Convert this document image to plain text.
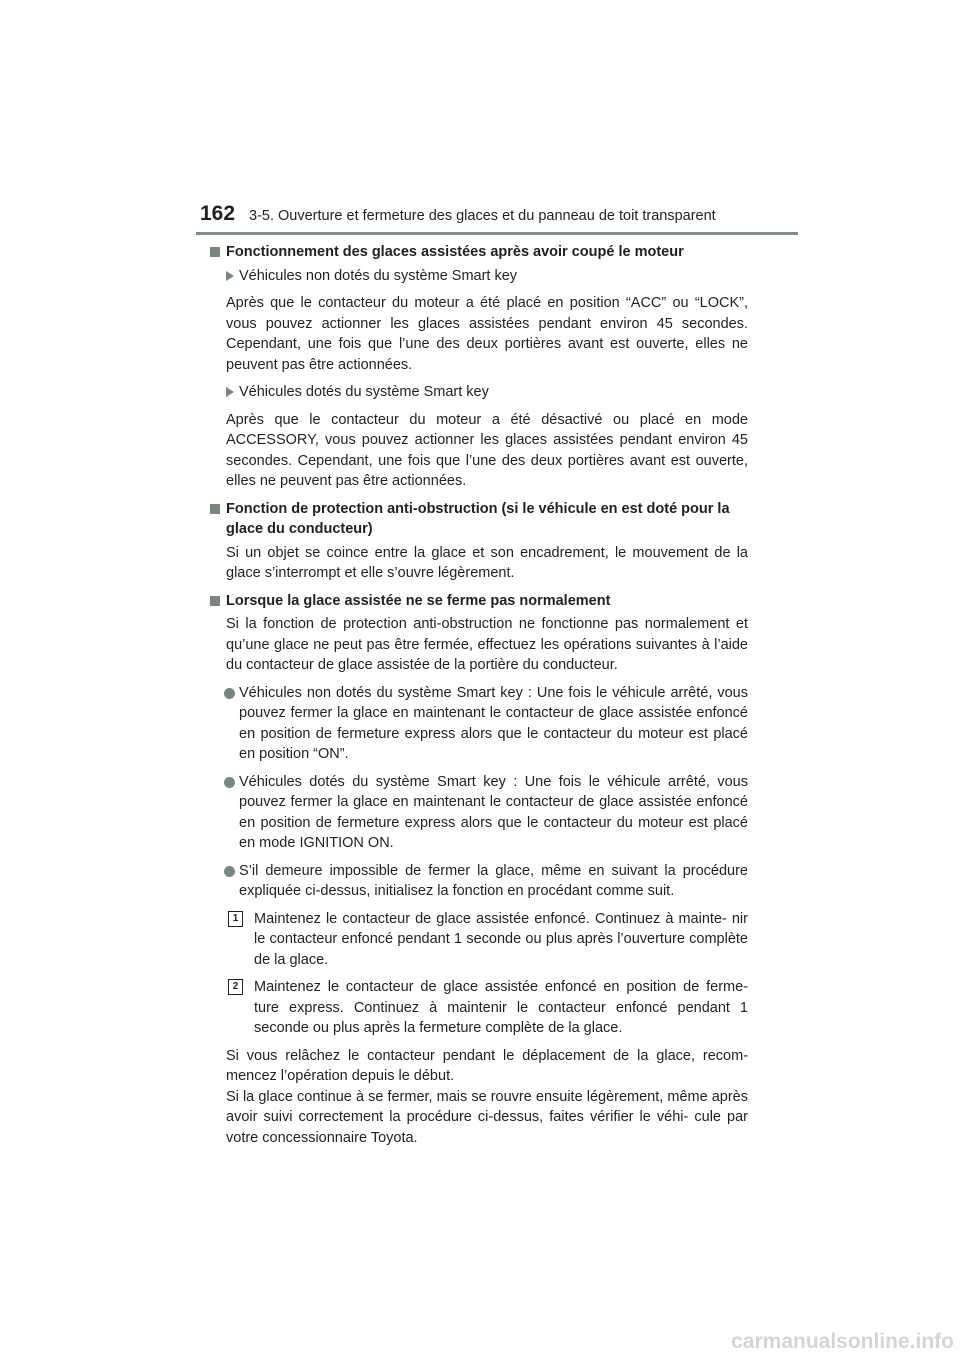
162 3-5. Ouverture et fermeture des glaces et du panneau de toit transparent
Fonctionnement des glaces assistées après avoir coupé le moteur
Véhicules non dotés du système Smart key
Après que le contacteur du moteur a été placé en position “ACC” ou “LOCK”, vous pouvez actionner les glaces assistées pendant environ 45 secondes. Cependant, une fois que l’une des deux portières avant est ouverte, elles ne peuvent pas être actionnées.
Véhicules dotés du système Smart key
Après que le contacteur du moteur a été désactivé ou placé en mode ACCESSORY, vous pouvez actionner les glaces assistées pendant environ 45 secondes. Cependant, une fois que l’une des deux portières avant est ouverte, elles ne peuvent pas être actionnées.
Fonction de protection anti-obstruction (si le véhicule en est doté pour la glace du conducteur)
Si un objet se coince entre la glace et son encadrement, le mouvement de la glace s’interrompt et elle s’ouvre légèrement.
Lorsque la glace assistée ne se ferme pas normalement
Si la fonction de protection anti-obstruction ne fonctionne pas normalement et qu’une glace ne peut pas être fermée, effectuez les opérations suivantes à l’aide du contacteur de glace assistée de la portière du conducteur.
Véhicules non dotés du système Smart key : Une fois le véhicule arrêté, vous pouvez fermer la glace en maintenant le contacteur de glace assistée enfoncé en position de fermeture express alors que le contacteur du moteur est placé en position “ON”.
Véhicules dotés du système Smart key : Une fois le véhicule arrêté, vous pouvez fermer la glace en maintenant le contacteur de glace assistée enfoncé en position de fermeture express alors que le contacteur du moteur est placé en mode IGNITION ON.
S’il demeure impossible de fermer la glace, même en suivant la procédure expliquée ci-dessus, initialisez la fonction en procédant comme suit.
1	Maintenez le contacteur de glace assistée enfoncé. Continuez à mainte- nir le contacteur enfoncé pendant 1 seconde ou plus après l’ouverture complète de la glace.
2	Maintenez le contacteur de glace assistée enfoncé en position de ferme- ture express. Continuez à maintenir le contacteur enfoncé pendant 1 seconde ou plus après la fermeture complète de la glace.
Si vous relâchez le contacteur pendant le déplacement de la glace, recom- mencez l’opération depuis le début.
Si la glace continue à se fermer, mais se rouvre ensuite légèrement, même après avoir suivi correctement la procédure ci-dessus, faites vérifier le véhi- cule par votre concessionnaire Toyota.
carmanualsonline.info
